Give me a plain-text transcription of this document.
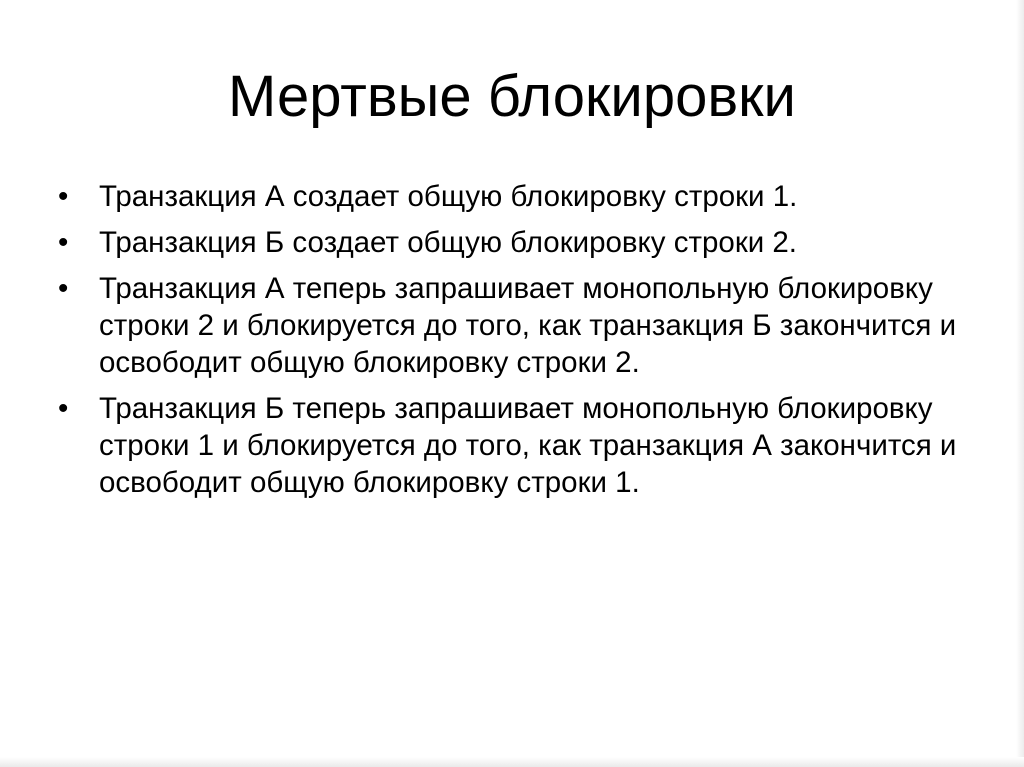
Мертвые блокировки
•	Транзакция А создает общую блокировку строки 1.
•	Транзакция Б создает общую блокировку строки 2.
•	Транзакция А теперь запрашивает монопольную блокировку строки 2 и блокируется до того, как транзакция Б закончится и освободит общую блокировку строки 2.
•	Транзакция Б теперь запрашивает монопольную блокировку строки 1 и блокируется до того, как транзакция А закончится и освободит общую блокировку строки 1.
